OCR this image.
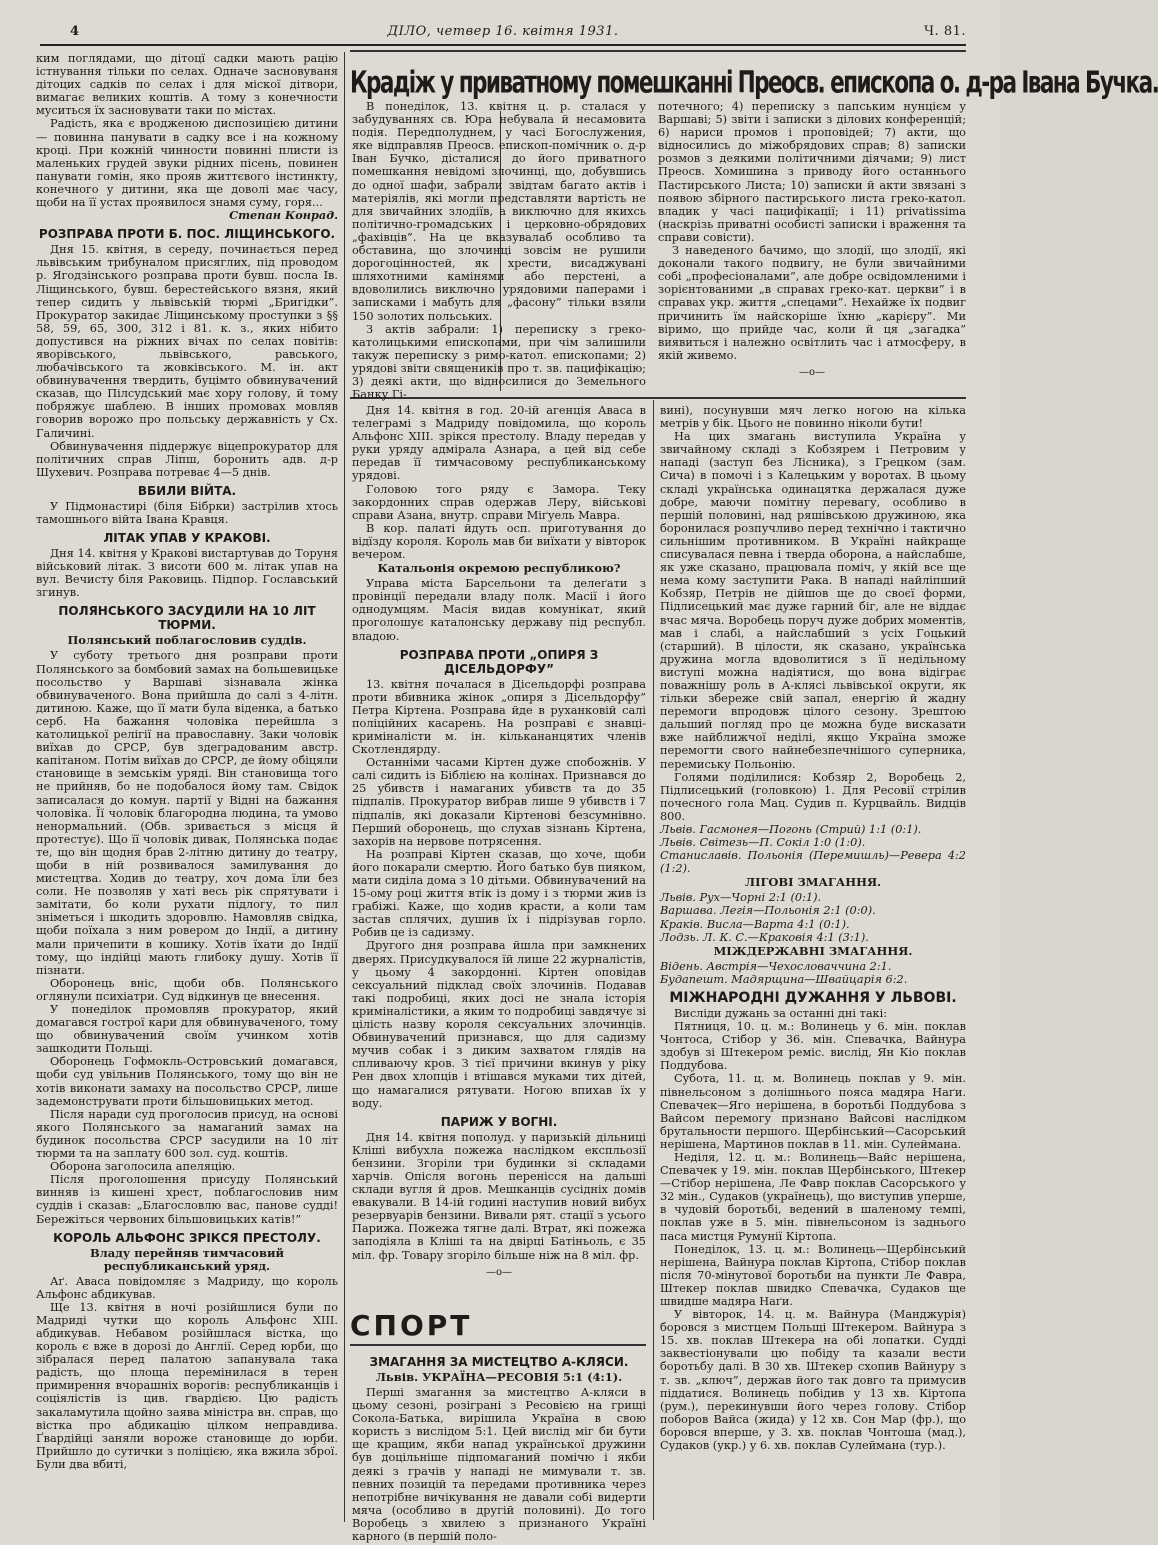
4	ДІЛО, четвер 16. квітня 1931.	Ч. 81.

ким поглядами, що дітоцї садки мають рацію істнування тільки по селах. Одначе засновуваня дітоцих садків по селах і для міскої дітвори, вимагає великих коштів. А тому з конечности муситься їх засновувати таки по містах.

Радість, яка є вродженою диспозицією дитини — повинна панувати в садку все і на кожному кроці. При кожній чинности повинні плисти із маленьких грудей звуки рідних пісень, повинен панувати гомін, яко прояв життєвого інстинкту, конечного у дитини, яка ще доволі має часу, щоби на її устах проявилося знамя суму, горя...

Степан Конрад.

РОЗПРАВА ПРОТИ Б. ПОС. ЛІЩИНСЬКОГО.

Дня 15. квітня, в середу, починається перед львівським трибуналом присяглих, під проводом р. Ягодзінського розправа проти бувш. посла Ів. Ліщинського, бувш. берестейського вязня, який тепер сидить у львівській тюрмі „Бригідки”. Прокуратор закидає Ліщинському проступки з §§ 58, 59, 65, 300, 312 і 81. к. з., яких нібито допустився на ріжних вічах по селах повітів: яворівського, львівського, равського, любачівського та жовківського. М. ін. акт обвинувачення твердить, буцімто обвинувачений сказав, що Пілсудський має хору голову, й тому побряжує шаблею. В інших промовах мовляв говорив ворожо про польську державність у Сх. Галичині.

Обвинувачення піддержує віцепрокуратор для політичних справ Ліпш, боронить адв. д-р Шухевич. Розправа потреває 4—5 днів.

ВБИЛИ ВІЙТА.

У Підмонастирі (біля Бібрки) застрілив хтось тамошнього війта Івана Кравця.

ЛІТАК УПАВ У КРАКОВІ.

Дня 14. квітня у Кракові вистартував до Торуня військовий літак. З висоти 600 м. літак упав на вул. Вечисту біля Раковиць. Підпор. Гославський згинув.

ПОЛЯНСЬКОГО ЗАСУДИЛИ НА 10 ЛІТ ТЮРМИ.
Полянський поблагословив суддів.

У суботу третього дня розправи проти Полянського за бомбовий замах на большевицьке посольство у Варшаві зізнавала жінка обвинуваченого. Вона прийшла до салі з 4-літн. дитиною. Каже, що її мати була віденка, а батько серб. На бажання чоловіка перейшла з католицької релігії на православну. Заки чоловік виїхав до СРСР, був здеградованим австр. капітаном. Потім виїхав до СРСР, де йому обіцяли становище в земськім уряді. Він становища того не прийняв, бо не подобалося йому там. Свідок записалася до комун. партії у Відні на бажання чоловіка. Її чоловік благородна людина, та умово ненормальний. (Обв. зривається з місця й протестує). Що її чоловік дивак, Полянська подає те, що він щодня брав 2-літню дитину до театру, щоби в ній розвивалося замилування до мистецтва. Ходив до театру, хоч дома їли без соли. Не позволяв у хаті весь рік спрятувати і замітати, бо коли рухати підлогу, то пил зніметься і шкодить здоровлю. Намовляв свідка, щоби поїхала з ним ровером до Індії, а дитину мали причепити в кошику. Хотів їхати до Індії тому, що індійці мають глибоку душу. Хотів її пізнати.

Оборонець вніс, щоби обв. Полянського оглянули психіатри. Суд відкинув це внесення.

У понеділок промовляв прокуратор, який домагався гострої кари для обвинуваченого, тому що обвинувачений своїм учинком хотів зашкодити Польщі.

Оборонець Гофмокль-Островський домагався, щоби суд увільнив Полянського, тому що він не хотів виконати замаху на посольство СРСР, лише задемонструвати проти більшовицьких метод.

Після наради суд проголосив присуд, на основі якого Полянського за намаганий замах на будинок посольства СРСР засудили на 10 літ тюрми та на заплату 600 зол. суд. коштів.

Оборона заголосила апеляцію.

Після проголошення присуду Полянський винняв із кишені хрест, поблагословив ним суддів і сказав: „Благословлю вас, панове судді! Бережіться червоних більшовицьких катів!”

КОРОЛЬ АЛЬФОНС ЗРІКСЯ ПРЕСТОЛУ.
Владу перейняв тимчасовий республиканський уряд.

Аґ. Аваса повідомляє з Мадриду, що король Альфонс абдикував.

Ще 13. квітня в ночі розійшлися були по Мадриді чутки що король Альфонс XIII. абдикував. Небавом розійшлася вістка, що король є вже в дорозі до Англії. Серед юрби, що зібралася перед палатою запанувала така радість, що площа перемінилася в терен примирення вчорашніх ворогів: республиканців і соціялістів із цив. ґвардією. Цю радість закаламутила щойно заява міністра вн. справ, що вістка про абдикацію цілком неправдива. Ґвардійці заняли вороже становище до юрби. Прийшло до сутички з поліцією, яка вжила зброї. Були два вбиті,

Крадіж у приватному помешканні Преосв. епископа о. д-ра Івана Бучка.

В понеділок, 13. квітня ц. р. сталася у забудуваннях св. Юра небувала й несамовита подія. Передполуднем, у часі Богослужения, яке відправляв Преосв. епископ-помічник о. д-р Іван Бучко, дісталися до його приватного помешкання невідомі злочинці, що, добувшись до одної шафи, забрали звідтам багато актів і матеріялів, які могли представляти вартість не для звичайних злодіїв, а виключно для якихсь політично-громадських і церковно-обрядових „фахівців”. На це вказувалаб особливо та обставина, що злочинці зовсім не рушили дорогоцінностей, як хрести, висаджувані шляхотними камінями або перстені, а вдоволились виключно урядовими паперами і записками і мабуть для „фасону” тільки взяли 150 золотих польських.

З актів забрали: 1) переписку з греко-католицькими епископами, при чім залишили такуж переписку з римо-катол. епископами; 2) урядові звіти священиків про т. зв. пацифікацію; 3) деякі акти, що відносилися до Земельного Банку Гі-

потечного; 4) переписку з папським нунцієм у Варшаві; 5) звіти і записки з ділових конференцій; 6) нариси промов і проповідей; 7) акти, що відносились до міжобрядових справ; 8) записки розмов з деякими політичними діячами; 9) лист Преосв. Хомишина з приводу його останнього Пастирського Листа; 10) записки й акти звязані з появою збірного пастирського листа греко-катол. владик у часі пацифікації; і 11) privatissima (наскрізь приватні особисті записки і враження та справи совісти).

З наведеного бачимо, що злодії, що злодії, які доконали такого подвигу, не були звичайними собі „професіоналами”, але добре освідомленими і зорієнтованими „в справах греко-кат. церкви” і в справах укр. життя „спецами”. Нехайже їх подвиг причинить їм найскоріше їхню „карієру”. Ми віримо, що прийде час, коли й ця „загадка” виявиться і належно освітлить час і атмосферу, в якій живемо.

—o—

Дня 14. квітня в год. 20-ій агенція Аваса в телеграмі з Мадриду повідомила, що король Альфонс XIII. зрікся престолу. Владу передав у руки уряду адмірала Азнара, а цей від себе передав її тимчасовому республиканському урядові.

Головою того ряду є Замора. Теку закордонних справ одержав Леру, військові справи Азана, внутр. справи Міґуель Мавра.

В кор. палаті йдуть осп. приготування до відїзду короля. Король мав би виїхати у вівторок вечером.

Катальонія окремою республикою?

Управа міста Барсельони та делеґати з провінції передали владу полк. Масії і його однодумцям. Масія видав комунікат, який проголошує каталонську державу під республ. владою.

РОЗПРАВА ПРОТИ „ОПИРЯ З ДІСЕЛЬДОРФУ”

13. квітня почалася в Дісельдорфі розправа проти вбивника жінок „опиря з Дісельдорфу” Петра Кіртена. Розправа йде в руханковій салі поліційних касарень. На розправі є знавці-криміналісти м. ін. кількананцятих членів Скотлендярду.

Останніми часами Кіртен дуже спобожнів. У салі сидить із Біблією на колінах. Признався до 25 убивств і намаганих убивств та до 35 підпалів. Прокуратор вибрав лише 9 убивств і 7 підпалів, які доказали Кіртенові безсумнівно. Перший оборонець, що слухав зізнань Кіртена, захорів на нервове потрясення.

На розправі Кіртен сказав, що хоче, щоби його покарали смертю. Його батько був пияком, мати сиділа дома з 10 дітьми. Обвинувачений на 15-ому році життя втік із дому і з тюрми жив із грабіжі. Каже, що ходив красти, а коли там застав сплячих, душив їх і підрізував горло. Робив це із садизму.

Другого дня розправа йшла при замкнених дверях. Присудкувалося їй лише 22 журналістів, у цьому 4 закордонні. Кіртен оповідав сексуальний підклад своїх злочинів. Подавав такі подробиці, яких досі не знала історія криміналістики, а яким то подробиці завдячує зі цілість назву короля сексуальних злочинців. Обвинувачений признався, що для садизму мучив собак і з диким захватом глядів на спливаючу кров. З тієї причини вкинув у ріку Рен двох хлопців і втішався муками тих дітей, що намагалися рятувати. Ногою впихав їх у воду.

ПАРИЖ У ВОГНІ.

Дня 14. квітня пополуд. у паризькій дільниці Кліші вибухла пожежа наслідком експльозії бензини. Згоріли три будинки зі складами харчів. Опісля вогонь перенісся на дальші склади вугля й дров. Мешканців сусідніх домів евакували. В 14-ій годині наступив новий вибух резервуарів бензини. Вивали рят. стації з усього Парижа. Пожежа тягне далі. Втрат, які пожежа заподіяла в Кліші та на двірці Батіньоль, є 35 міл. фр. Товару згоріло більше ніж на 8 міл. фр.

—o—
СПОРТ
ЗМАГАННЯ ЗА МИСТЕЦТВО А-КЛЯСИ.
Львів. УКРАЇНА—РЕСОВІЯ 5:1 (4:1).

Перші змагання за мистецтво А-кляси в цьому сезоні, розіграні з Ресовією на грищі Сокола-Батька, вирішила Україна в свою користь з вислідом 5:1. Цей вислід міг би бути ще кращим, якби напад української дружини був доцільніше підпомаганий помічю і якби деякі з грачів у нападі не мимували т. зв. певних позицій та передами противника через непотрібне вичікування не давали собі видерти мяча (особливо в другій половині). До того Воробець з хвилею з признаного Україні карного (в першій поло-

вині), посунувши мяч легко ногою на кілька метрів у бік. Цього не повинно ніколи бути!

На цих змагань виступила Україна у звичайному складі з Кобзярем і Петровим у нападі (заступ без Лісника), з Грецком (зам. Сича) в помочі і з Калецьким у воротах. В цьому складі українська одинацятка держалася дуже добре, маючи помітну перевагу, особливо в першій половині, над ряшівською дружиною, яка боронилася розпучливо перед технічно і тактично сильнішим противником. В Україні найкраще списувалася певна і тверда оборона, а найслабше, як уже сказано, працювала поміч, у якій все ще нема кому заступити Рака. В нападі найліпший Кобзяр, Петрів не дійшов ще до своєї форми, Підлисецький має дуже гарний біг, але не віддає вчас мяча. Воробець поруч дуже добрих моментів, мав і слабі, а найслабший з усіх Гоцький (старший). В цілости, як сказано, українська дружина могла вдоволитися з її недільному виступі можна надіятися, що вона відіграє поважнішу роль в А-клясі львівської округи, як тільки збереже свій запал, енергію й жадну перемоги впродовж цілого сезону. Зрештою дальший погляд про це можна буде висказати вже найближчої неділі, якщо Україна зможе перемогти свого найнебезпечнішого суперника, перемиську Польонію.

Голями поділилися: Кобзяр 2, Воробець 2, Підлисецький (головкою) 1. Для Ресовії стрілив почесного гола Мац. Судив п. Курцвайль. Видців 800.

Львів. Гасмонея—Погонь (Стрий) 1:1 (0:1).

Львів. Світезь—П. Сокіл 1:0 (1:0).

Станиславів. Польонія (Перемишль)—Ревера 4:2 (1:2).

ЛІГОВІ ЗМАГАННЯ.

Львів. Рух—Чорні 2:1 (0:1).

Варшава. Легія—Польонія 2:1 (0:0).

Краків. Висла—Варта 4:1 (0:1).

Лодзь. Л. К. С.—Краковія 4:1 (3:1).

МІЖДЕРЖАВНІ ЗМАГАННЯ.

Відень. Австрія—Чехословаччина 2:1.

Будапешт. Мадярщина—Швайцарія 6:2.

МІЖНАРОДНІ ДУЖАННЯ У ЛЬВОВІ.

Висліди дужань за останні дні такі:

Пятниця, 10. ц. м.: Волинець у 6. мін. поклав Чонтоса, Стібор у 36. мін. Спевачка, Вайнура здобув зі Штекером реміс. вислід, Ян Кіо поклав Поддубова.

Субота, 11. ц. м. Волинець поклав у 9. мін. півнельсоном з долішнього пояса мадяра Наґи. Спевачек—Яго нерішена, в боротьбі Поддубова з Вайсом перемогу признано Вайсові наслідком брутальности першого. Щербінський—Сасорський нерішена, Мартинов поклав в 11. мін. Сулеймана.

Неділя, 12. ц. м.: Волинець—Вайс нерішена, Спевачек у 19. мін. поклав Щербінського, Штекер—Стібор нерішена, Ле Фавр поклав Сасорського у 32 мін., Судаков (українець), що виступив уперше, в чудовій боротьбі, ведений в шаленому темпі, поклав уже в 5. мін. півнельсоном із заднього паса мистця Румунії Кіртопа.

Понеділок, 13. ц. м.: Волинець—Щербінський нерішена, Вайнура поклав Кіртопа, Стібор поклав після 70-мінутової боротьби на пункти Ле Фавра, Штекер поклав швидко Спевачка, Судаков ще швидше мадяра Наґи.

У вівторок, 14. ц. м. Вайнура (Манджурія) боровся з мистцем Польщі Штекером. Вайнура з 15. хв. поклав Штекера на обі лопатки. Судді заквестіонували цю побіду та казали вести боротьбу далі. В 30 хв. Штекер схопив Вайнуру з т. зв. „ключ”, держав його так довго та примусив піддатися. Волинець побідив у 13 хв. Кіртопа (рум.), перекинувши його через голову. Стібор поборов Вайса (жида) у 12 хв. Сон Мар (фр.), що боровся вперше, у 3. хв. поклав Чонтоша (мад.), Судаков (укр.) у 6. хв. поклав Сулеймана (тур.).
